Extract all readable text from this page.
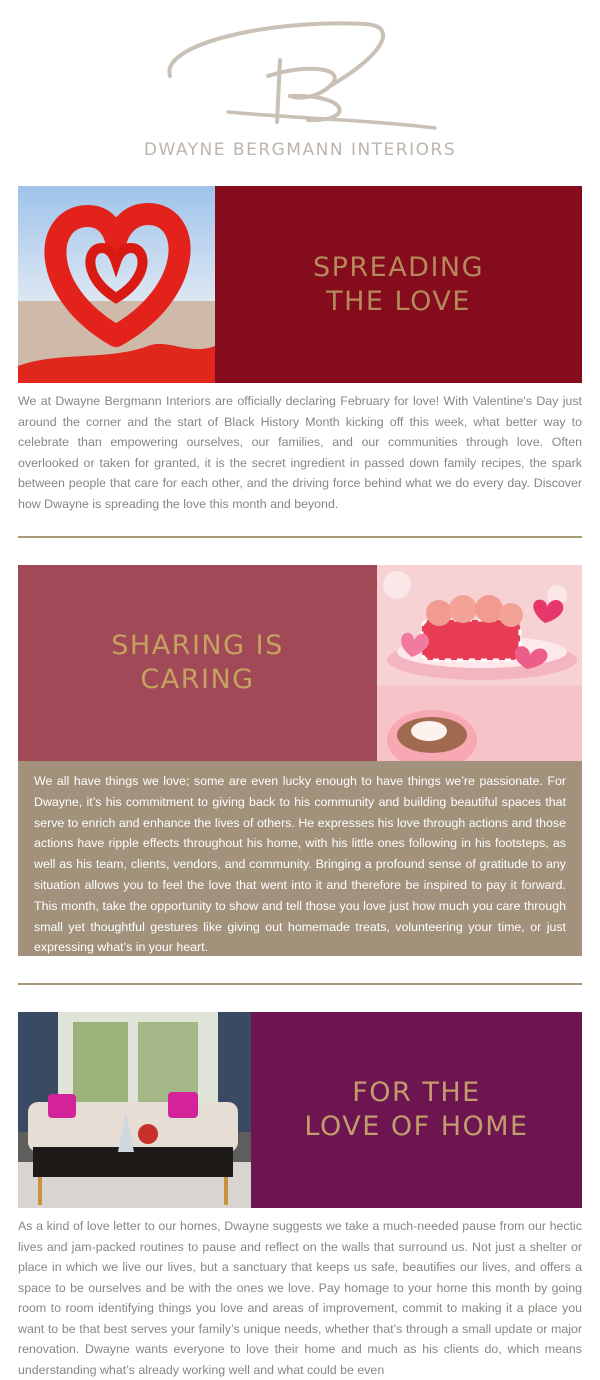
DWAYNE BERGMANN INTERIORS
SPREADING
THE LOVE
We at Dwayne Bergmann Interiors are officially declaring February for love! With Valentine's Day just around the corner and the start of Black History Month kicking off this week, what better way to celebrate than empowering ourselves, our families, and our communities through love. Often overlooked or taken for granted, it is the secret ingredient in passed down family recipes, the spark between people that care for each other, and the driving force behind what we do every day. Discover how Dwayne is spreading the love this month and beyond.
SHARING IS
CARING

We all have things we love; some are even lucky enough to have things we’re passionate. For Dwayne, it’s his commitment to giving back to his community and building beautiful spaces that serve to enrich and enhance the lives of others. He expresses his love through actions and those actions have ripple effects throughout his home, with his little ones following in his footsteps, as well as his team, clients, vendors, and community. Bringing a profound sense of gratitude to any situation allows you to feel the love that went into it and therefore be inspired to pay it forward. This month, take the opportunity to show and tell those you love just how much you care through small yet thoughtful gestures like giving out homemade treats, volunteering your time, or just expressing what’s in your heart.

FOR THE
LOVE OF HOME
As a kind of love letter to our homes, Dwayne suggests we take a much-needed pause from our hectic lives and jam-packed routines to pause and reflect on the walls that surround us. Not just a shelter or place in which we live our lives, but a sanctuary that keeps us safe, beautifies our lives, and offers a space to be ourselves and be with the ones we love. Pay homage to your home this month by going room to room identifying things you love and areas of improvement, commit to making it a place you want to be that best serves your family’s unique needs, whether that’s through a small update or major renovation. Dwayne wants everyone to love their home and much as his clients do, which means understanding what’s already working well and what could be even
